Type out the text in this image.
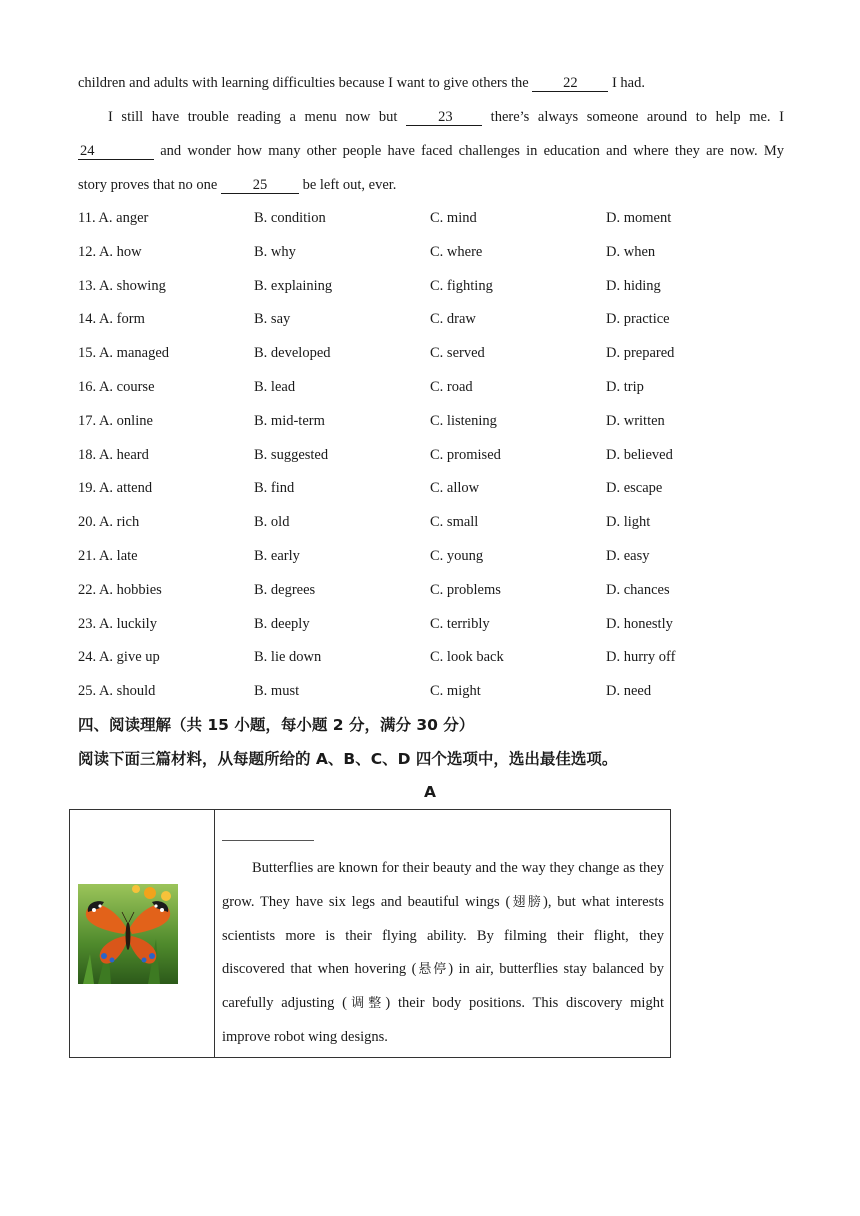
children and adults with learning difficulties because I want to give others the 22 I had.

I still have trouble reading a menu now but 23 there’s always someone around to help me. I

24	and wonder how many other people have faced challenges in education and where they are now. My

story proves that no one 25 be left out, ever.

11. A. anger	B. condition	C. mind	D. moment
12. A. how	B. why	C. where	D. when
13. A. showing	B. explaining	C. fighting	D. hiding
14. A. form	B. say	C. draw	D. practice
15. A. managed	B. developed	C. served	D. prepared
16. A. course	B. lead	C. road	D. trip
17. A. online	B. mid-term	C. listening	D. written
18. A. heard	B. suggested	C. promised	D. believed
19. A. attend	B. find	C. allow	D. escape
20. A. rich	B. old	C. small	D. light
21. A. late	B. early	C. young	D. easy
22. A. hobbies	B. degrees	C. problems	D. chances
23. A. luckily	B. deeply	C. terribly	D. honestly
24. A. give up	B. lie down	C. look back	D. hurry off
25. A. should	B. must	C. might	D. need
四、阅读理解（共 15 小题，每小题 2 分，满分 30 分）
阅读下面三篇材料，从每题所给的 A、B、C、D 四个选项中，选出最佳选项。
A

Butterflies are known for their beauty and the way they change as they grow. They have six legs and beautiful wings (翅膀), but what interests scientists more is their flying ability. By filming their flight, they discovered that when hovering (悬停) in air, butterflies stay balanced by carefully adjusting (调整) their body positions. This discovery might improve robot wing designs.
